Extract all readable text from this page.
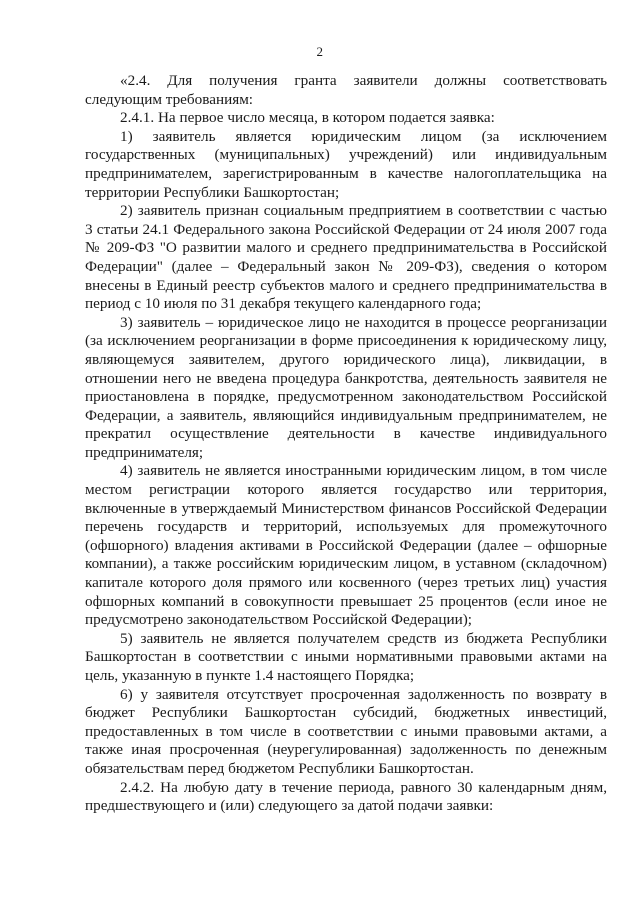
2

«2.4. Для получения гранта заявители должны соответствовать следующим требованиям:

2.4.1. На первое число месяца, в котором подается заявка:

1) заявитель является юридическим лицом (за исключением государственных (муниципальных) учреждений) или индивидуальным предпринимателем, зарегистрированным в качестве налогоплательщика на территории Республики Башкортостан;

2) заявитель признан социальным предприятием в соответствии с частью 3 статьи 24.1 Федерального закона Российской Федерации от 24 июля 2007 года № 209-ФЗ "О развитии малого и среднего предпринимательства в Российской Федерации" (далее – Федеральный закон № 209-ФЗ), сведения о котором внесены в Единый реестр субъектов малого и среднего предпринимательства в период с 10 июля по 31 декабря текущего календарного года;

3) заявитель – юридическое лицо не находится в процессе реорганизации (за исключением реорганизации в форме присоединения к юридическому лицу, являющемуся заявителем, другого юридического лица), ликвидации, в отношении него не введена процедура банкротства, деятельность заявителя не приостановлена в порядке, предусмотренном законодательством Российской Федерации, а заявитель, являющийся индивидуальным предпринимателем, не прекратил осуществление деятельности в качестве индивидуального предпринимателя;

4) заявитель не является иностранными юридическим лицом, в том числе местом регистрации которого является государство или территория, включенные в утверждаемый Министерством финансов Российской Федерации перечень государств и территорий, используемых для промежуточного (офшорного) владения активами в Российской Федерации (далее – офшорные компании), а также российским юридическим лицом, в уставном (складочном) капитале которого доля прямого или косвенного (через третьих лиц) участия офшорных компаний в совокупности превышает 25 процентов (если иное не предусмотрено законодательством Российской Федерации);

5) заявитель не является получателем средств из бюджета Республики Башкортостан в соответствии с иными нормативными правовыми актами на цель, указанную в пункте 1.4 настоящего Порядка;

6) у заявителя отсутствует просроченная задолженность по возврату в бюджет Республики Башкортостан субсидий, бюджетных инвестиций, предоставленных в том числе в соответствии с иными правовыми актами, а также иная просроченная (неурегулированная) задолженность по денежным обязательствам перед бюджетом Республики Башкортостан.

2.4.2. На любую дату в течение периода, равного 30 календарным дням, предшествующего и (или) следующего за датой подачи заявки:
